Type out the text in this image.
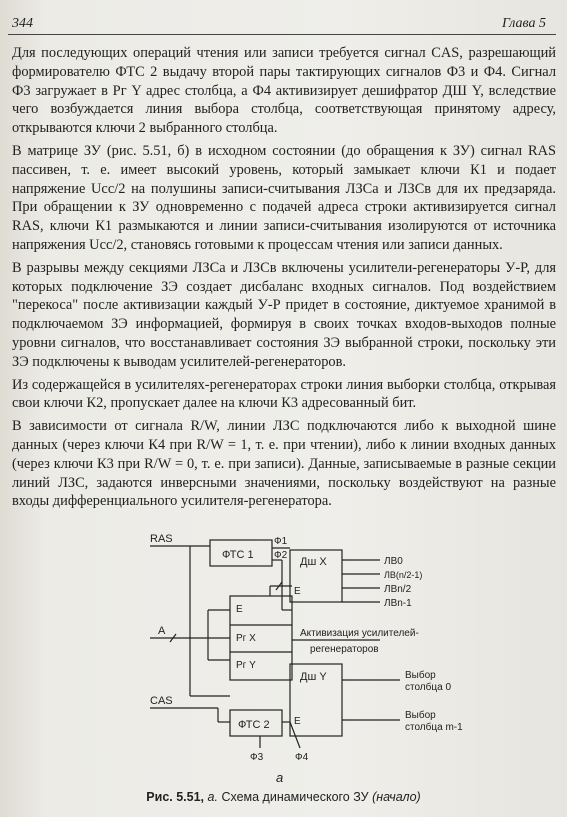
344	Глава 5

Для последующих операций чтения или записи требуется сигнал CAS, разрешающий формирователю ФТС 2 выдачу второй пары тактирующих сигналов Ф3 и Ф4. Сигнал Ф3 загружает в Рг Y адрес столбца, а Ф4 активизирует дешифратор ДШ Y, вследствие чего возбуждается линия выбора столбца, соответствующая принятому адресу, открываются ключи 2 выбранного столбца.

В матрице ЗУ (рис. 5.51, б) в исходном состоянии (до обращения к ЗУ) сигнал RAS пассивен, т. е. имеет высокий уровень, который замыкает ключи К1 и подает напряжение Ucc/2 на полушины записи-считывания ЛЗСа и ЛЗСв для их предзаряда. При обращении к ЗУ одновременно с подачей адреса строки активизируется сигнал RAS, ключи К1 размыкаются и линии записи-считывания изолируются от источника напряжения Ucc/2, становясь готовыми к процессам чтения или записи данных.

В разрывы между секциями ЛЗСа и ЛЗСв включены усилители-регенераторы У-Р, для которых подключение ЗЭ создает дисбаланс входных сигналов. Под воздействием "перекоса" после активизации каждый У-Р придет в состояние, диктуемое хранимой в подключаемом ЗЭ информацией, формируя в своих точках входов-выходов полные уровни сигналов, что восстанавливает состояния ЗЭ выбранной строки, поскольку эти ЗЭ подключены к выводам усилителей-регенераторов.

Из содержащейся в усилителях-регенераторах строки линия выборки столбца, открывая свои ключи К2, пропускает далее на ключи К3 адресованный бит.

В зависимости от сигнала R/W, линии ЛЗС подключаются либо к выходной шине данных (через ключи К4 при R/W = 1, т. е. при чтении), либо к линии входных данных (через ключи К3 при R/W = 0, т. е. при записи). Данные, записываемые в разные секции линий ЛЗС, задаются инверсными значениями, поскольку воздействуют на разные входы дифференциального усилителя-регенератора.

RAS
CAS
A
ФТС 1
ФТС 2
Ф1
Ф2
Ф3	Ф4
Дш X
Дш Y
E
E
Рг X
Рг Y
E
ЛВ0
ЛВ(n/2-1)
ЛВn/2
ЛВn-1
Активизация усилителей-
регенераторов
Выбор
столбца 0
Выбор
столбца m-1
а
Рис. 5.51, а. Схема динамического ЗУ (начало)
